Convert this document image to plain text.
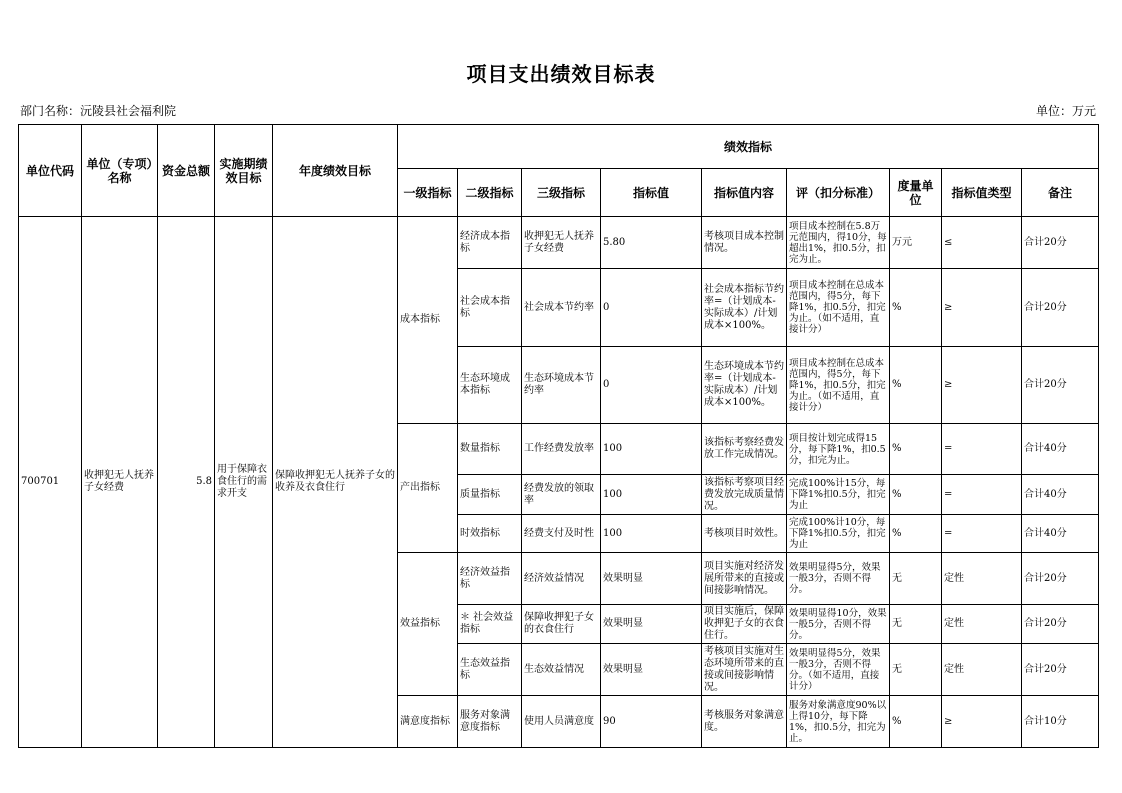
项目支出绩效目标表
部门名称：沅陵县社会福利院	单位：万元
单位代码	单位（专项）名称	资金总额	实施期绩效目标	年度绩效目标	绩效指标								
					一级指标	二级指标	三级指标	指标值	指标值内容	评（扣分标准）	度量单位	指标值类型	备注
700701	收押犯无人抚养子女经费	5.8	用于保障衣食住行的需求开支	保障收押犯无人抚养子女的收养及衣食住行	成本指标	经济成本指标	收押犯无人抚养子女经费	5.80	考核项目成本控制情况。	项目成本控制在5.8万元范围内，得10分，每超出1%，扣0.5分，扣完为止。	万元	≤	合计20分
						社会成本指标	社会成本节约率	0	社会成本指标节约率=（计划成本-实际成本）/计划成本×100%。	项目成本控制在总成本范围内，得5分，每下降1%，扣0.5分，扣完为止。（如不适用，直接计分）	%	≥	合计20分
						生态环境成本指标	生态环境成本节约率	0	生态环境成本节约率=（计划成本-实际成本）/计划成本×100%。	项目成本控制在总成本范围内，得5分，每下降1%，扣0.5分，扣完为止。（如不适用，直接计分）	%	≥	合计20分
					产出指标	数量指标	工作经费发放率	100	该指标考察经费发放工作完成情况。	项目按计划完成得15分，每下降1%，扣0.5分，扣完为止。	%	=	合计40分
						质量指标	经费发放的领取率	100	该指标考察项目经费发放完成质量情况。	完成100%计15分，每下降1%扣0.5分，扣完为止	%	=	合计40分
						时效指标	经费支付及时性	100	考核项目时效性。	完成100%计10分，每下降1%扣0.5分，扣完为止	%	=	合计40分
					效益指标	经济效益指标	经济效益情况	效果明显	项目实施对经济发展所带来的直接或间接影响情况。	效果明显得5分，效果一般3分，否则不得分。	无	定性	合计20分
						＊ 社会效益指标	保障收押犯子女的衣食住行	效果明显	项目实施后，保障收押犯子女的衣食住行。	效果明显得10分，效果一般5分，否则不得分。	无	定性	合计20分
						生态效益指标	生态效益情况	效果明显	考核项目实施对生态环境所带来的直接或间接影响情况。	效果明显得5分，效果一般3分，否则不得分。（如不适用，直接计分）	无	定性	合计20分
					满意度指标	服务对象满意度指标	使用人员满意度	90	考核服务对象满意度。	服务对象满意度90%以上得10分，每下降1%，扣0.5分，扣完为止。	%	≥	合计10分
